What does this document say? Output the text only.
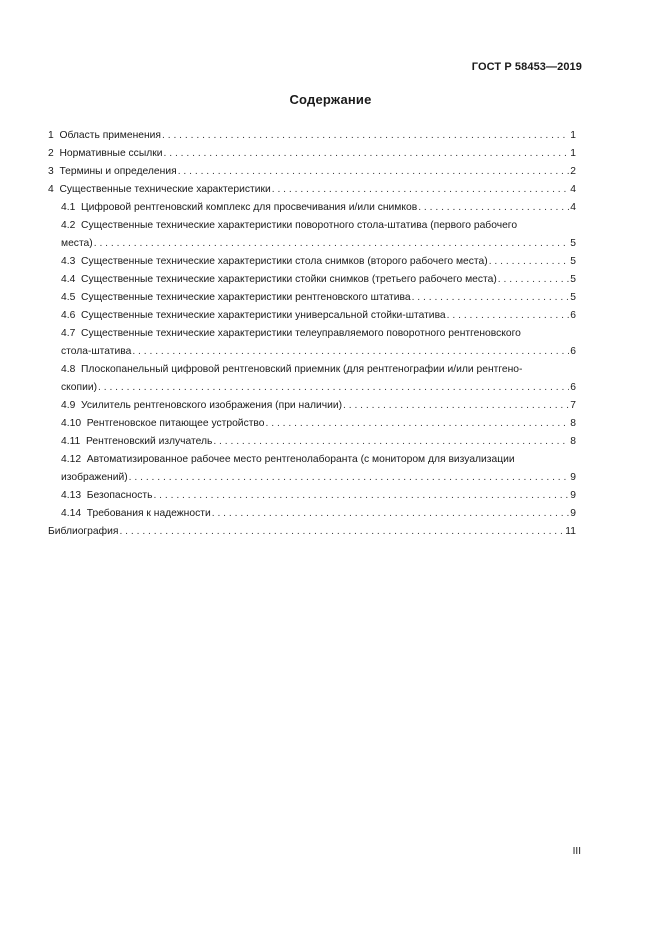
ГОСТ Р 58453—2019
Содержание
1  Область применения . . .	1
2  Нормативные ссылки . . .	1
3  Термины и определения . . .	2
4  Существенные технические характеристики . . .	4
4.1  Цифровой рентгеновский комплекс для просвечивания и/или снимков . . .	4
4.2  Существенные технические характеристики поворотного стола-штатива (первого рабочего
места) . . .	5
4.3  Существенные технические характеристики стола снимков (второго рабочего места) . . .	5
4.4  Существенные технические характеристики стойки снимков (третьего рабочего места) . . .	5
4.5  Существенные технические характеристики рентгеновского штатива . . .	5
4.6  Существенные технические характеристики универсальной стойки-штатива . . .	6
4.7  Существенные технические характеристики телеуправляемого поворотного рентгеновского
стола-штатива . . .	6
4.8  Плоскопанельный цифровой рентгеновский приемник (для рентгенографии и/или рентгено-
скопии) . . .	6
4.9  Усилитель рентгеновского изображения (при наличии) . . .	7
4.10  Рентгеновское питающее устройство . . .	8
4.11  Рентгеновский излучатель . . .	8
4.12  Автоматизированное рабочее место рентгенолаборанта (с монитором для визуализации
изображений) . . .	9
4.13  Безопасность . . .	9
4.14  Требования к надежности . . .	9
Библиография . . .	11
III
